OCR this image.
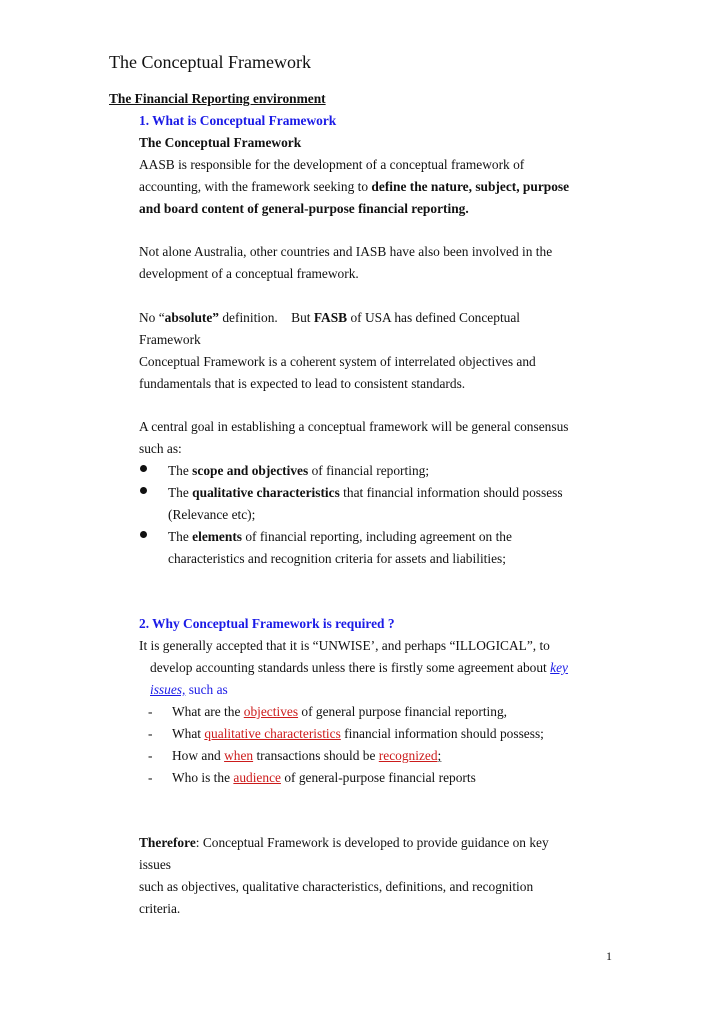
The Conceptual Framework
The Financial Reporting environment
1. What is Conceptual Framework
The Conceptual Framework
AASB is responsible for the development of a conceptual framework of
accounting, with the framework seeking to define the nature, subject, purpose
and board content of general-purpose financial reporting.
Not alone Australia, other countries and IASB have also been involved in the
development of a conceptual framework.
No “absolute” definition.    But FASB of USA has defined Conceptual
Framework
Conceptual Framework is a coherent system of interrelated objectives and
fundamentals that is expected to lead to consistent standards.
A central goal in establishing a conceptual framework will be general consensus
such as:
The scope and objectives of financial reporting;
The qualitative characteristics that financial information should possess
(Relevance etc);
The elements of financial reporting, including agreement on the
characteristics and recognition criteria for assets and liabilities;
2. Why Conceptual Framework is required ?
It is generally accepted that it is “UNWISE’, and perhaps “ILLOGICAL”, to
develop accounting standards unless there is firstly some agreement about key
issues, such as
- What are the objectives of general purpose financial reporting,
- What qualitative characteristics financial information should possess;
- How and when transactions should be recognized;
- Who is the audience of general-purpose financial reports
Therefore: Conceptual Framework is developed to provide guidance on key
issues
such as objectives, qualitative characteristics, definitions, and recognition
criteria.
1
